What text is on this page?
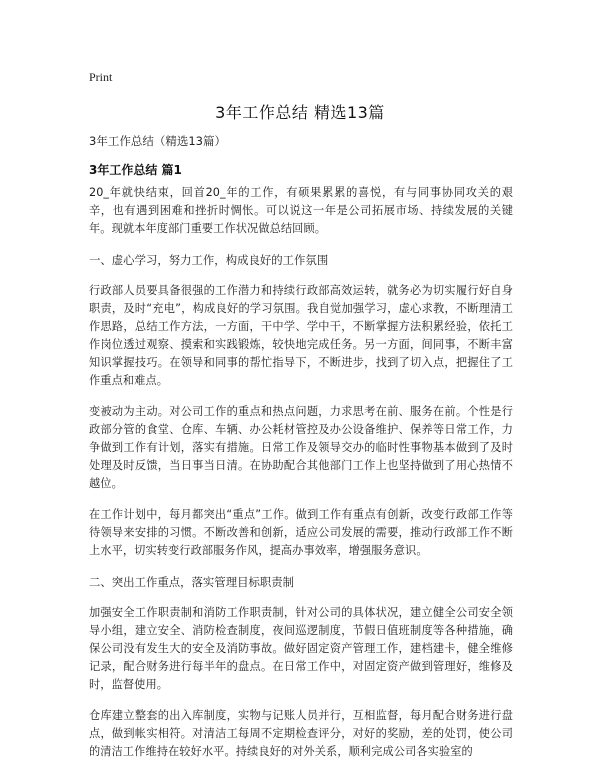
Print
3年工作总结 精选13篇
3年工作总结（精选13篇）
3年工作总结 篇1

20_年就快结束，回首20_年的工作，有硕果累累的喜悦，有与同事协同攻关的艰辛，也有遇到困难和挫折时惆怅。可以说这一年是公司拓展市场、持续发展的关键年。现就本年度部门重要工作状况做总结回顾。

一、虚心学习，努力工作，构成良好的工作氛围

行政部人员要具备很强的工作潜力和持续行政部高效运转，就务必为切实履行好自身职责，及时“充电”，构成良好的学习氛围。我自觉加强学习，虚心求教，不断理清工作思路，总结工作方法，一方面，干中学、学中干，不断掌握方法积累经验，依托工作岗位透过观察、摸索和实践锻炼，较快地完成任务。另一方面，间同事，不断丰富知识掌握技巧。在领导和同事的帮忙指导下，不断进步，找到了切入点，把握住了工作重点和难点。

变被动为主动。对公司工作的重点和热点问题，力求思考在前、服务在前。个性是行政部分管的食堂、仓库、车辆、办公耗材管控及办公设备维护、保养等日常工作，力争做到工作有计划，落实有措施。日常工作及领导交办的临时性事物基本做到了及时处理及时反馈，当日事当日清。在协助配合其他部门工作上也坚持做到了用心热情不越位。

在工作计划中，每月都突出“重点”工作。做到工作有重点有创新，改变行政部工作等待领导来安排的习惯。不断改善和创新，适应公司发展的需要，推动行政部工作不断上水平，切实转变行政部服务作风，提高办事效率，增强服务意识。

二、突出工作重点，落实管理目标职责制

加强安全工作职责制和消防工作职责制，针对公司的具体状况，建立健全公司安全领导小组，建立安全、消防检查制度，夜间巡逻制度，节假日值班制度等各种措施，确保公司没有发生大的安全及消防事故。做好固定资产管理工作，建档建卡，健全维修记录，配合财务进行每半年的盘点。在日常工作中，对固定资产做到管理好，维修及时，监督使用。

仓库建立整套的出入库制度，实物与记账人员并行，互相监督，每月配合财务进行盘点，做到帐实相符。对清洁工每周不定期检查评分，对好的奖励，差的处罚，使公司的清洁工作维持在较好水平。持续良好的对外关系，顺利完成公司各实验室的
